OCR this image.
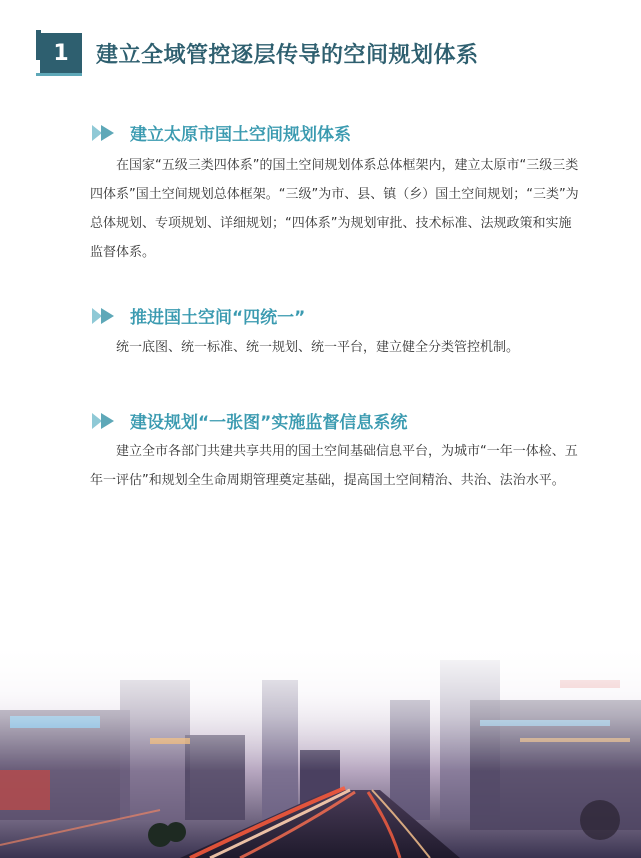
1	建立全域管控逐层传导的空间规划体系
建立太原市国土空间规划体系

在国家“五级三类四体系”的国土空间规划体系总体框架内，建立太原市“三级三类四体系”国土空间规划总体框架。“三级”为市、县、镇（乡）国土空间规划；“三类”为总体规划、专项规划、详细规划；“四体系”为规划审批、技术标准、法规政策和实施监督体系。

推进国土空间“四统一”

统一底图、统一标准、统一规划、统一平台，建立健全分类管控机制。

建设规划“一张图”实施监督信息系统

建立全市各部门共建共享共用的国土空间基础信息平台，为城市“一年一体检、五年一评估”和规划全生命周期管理奠定基础，提高国土空间精治、共治、法治水平。
